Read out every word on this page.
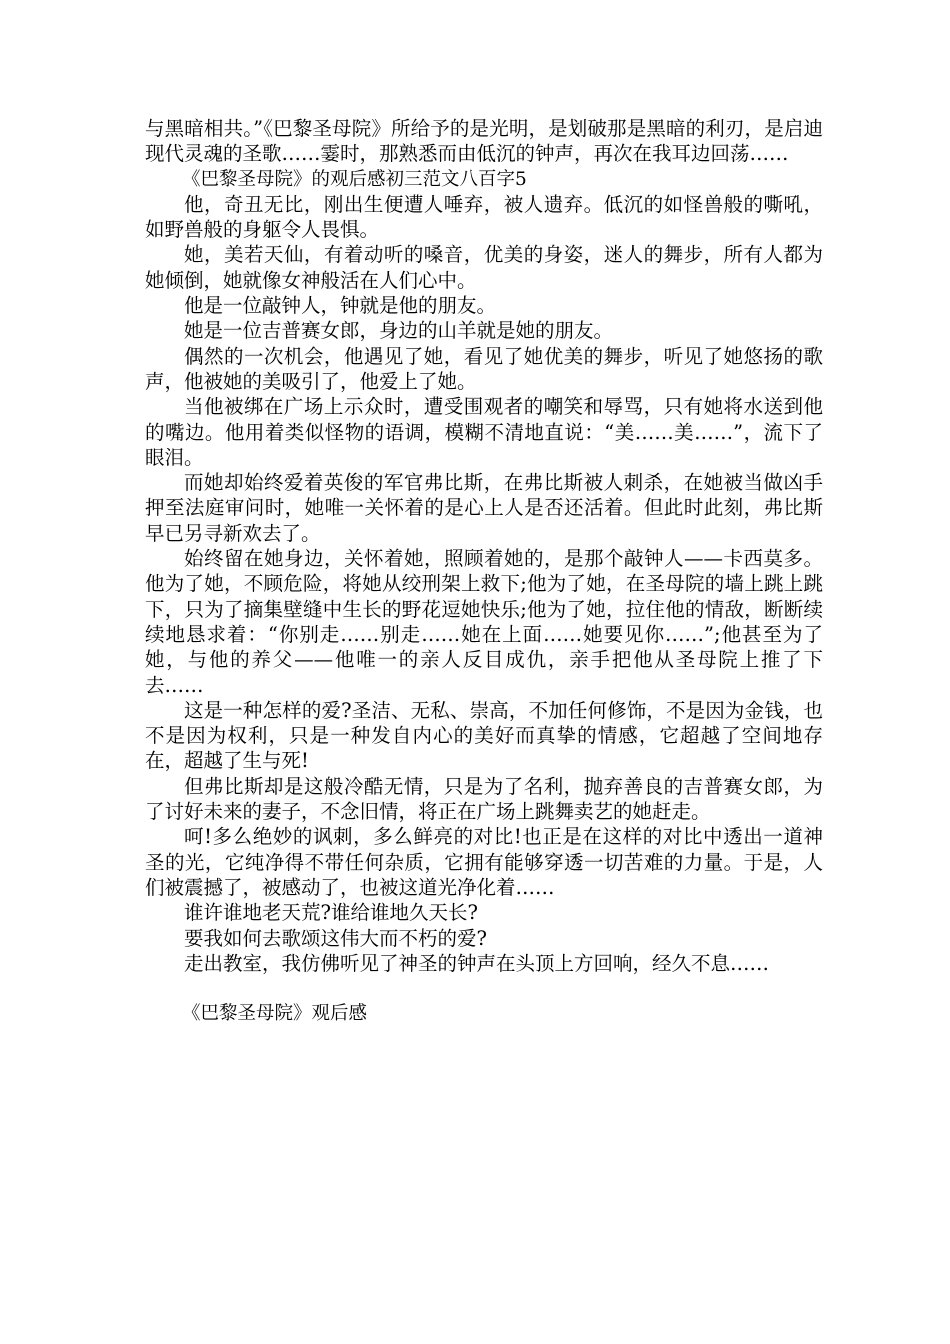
与黑暗相共。”《巴黎圣母院》所给予的是光明，是划破那是黑暗的利刃，是启迪现代灵魂的圣歌……霎时，那熟悉而由低沉的钟声，再次在我耳边回荡……

《巴黎圣母院》的观后感初三范文八百字5

他，奇丑无比，刚出生便遭人唾弃，被人遗弃。低沉的如怪兽般的嘶吼，如野兽般的身躯令人畏惧。

她，美若天仙，有着动听的嗓音，优美的身姿，迷人的舞步，所有人都为她倾倒，她就像女神般活在人们心中。

他是一位敲钟人，钟就是他的朋友。

她是一位吉普赛女郎，身边的山羊就是她的朋友。

偶然的一次机会，他遇见了她，看见了她优美的舞步，听见了她悠扬的歌声，他被她的美吸引了，他爱上了她。

当他被绑在广场上示众时，遭受围观者的嘲笑和辱骂，只有她将水送到他的嘴边。他用着类似怪物的语调，模糊不清地直说：“美……美……”，流下了眼泪。

而她却始终爱着英俊的军官弗比斯，在弗比斯被人刺杀，在她被当做凶手押至法庭审问时，她唯一关怀着的是心上人是否还活着。但此时此刻，弗比斯早已另寻新欢去了。

始终留在她身边，关怀着她，照顾着她的，是那个敲钟人——卡西莫多。他为了她，不顾危险，将她从绞刑架上救下;他为了她，在圣母院的墙上跳上跳下，只为了摘集壁缝中生长的野花逗她快乐;他为了她，拉住他的情敌，断断续续地恳求着：“你别走……别走……她在上面……她要见你……”;他甚至为了她，与他的养父——他唯一的亲人反目成仇，亲手把他从圣母院上推了下去……

这是一种怎样的爱?圣洁、无私、崇高，不加任何修饰，不是因为金钱，也不是因为权利，只是一种发自内心的美好而真挚的情感，它超越了空间地存在，超越了生与死!

但弗比斯却是这般冷酷无情，只是为了名利，抛弃善良的吉普赛女郎，为了讨好未来的妻子，不念旧情，将正在广场上跳舞卖艺的她赶走。

呵!多么绝妙的讽刺，多么鲜亮的对比!也正是在这样的对比中透出一道神圣的光，它纯净得不带任何杂质，它拥有能够穿透一切苦难的力量。于是，人们被震撼了，被感动了，也被这道光净化着……

谁许谁地老天荒?谁给谁地久天长?

要我如何去歌颂这伟大而不朽的爱?

走出教室，我仿佛听见了神圣的钟声在头顶上方回响，经久不息……

《巴黎圣母院》观后感
